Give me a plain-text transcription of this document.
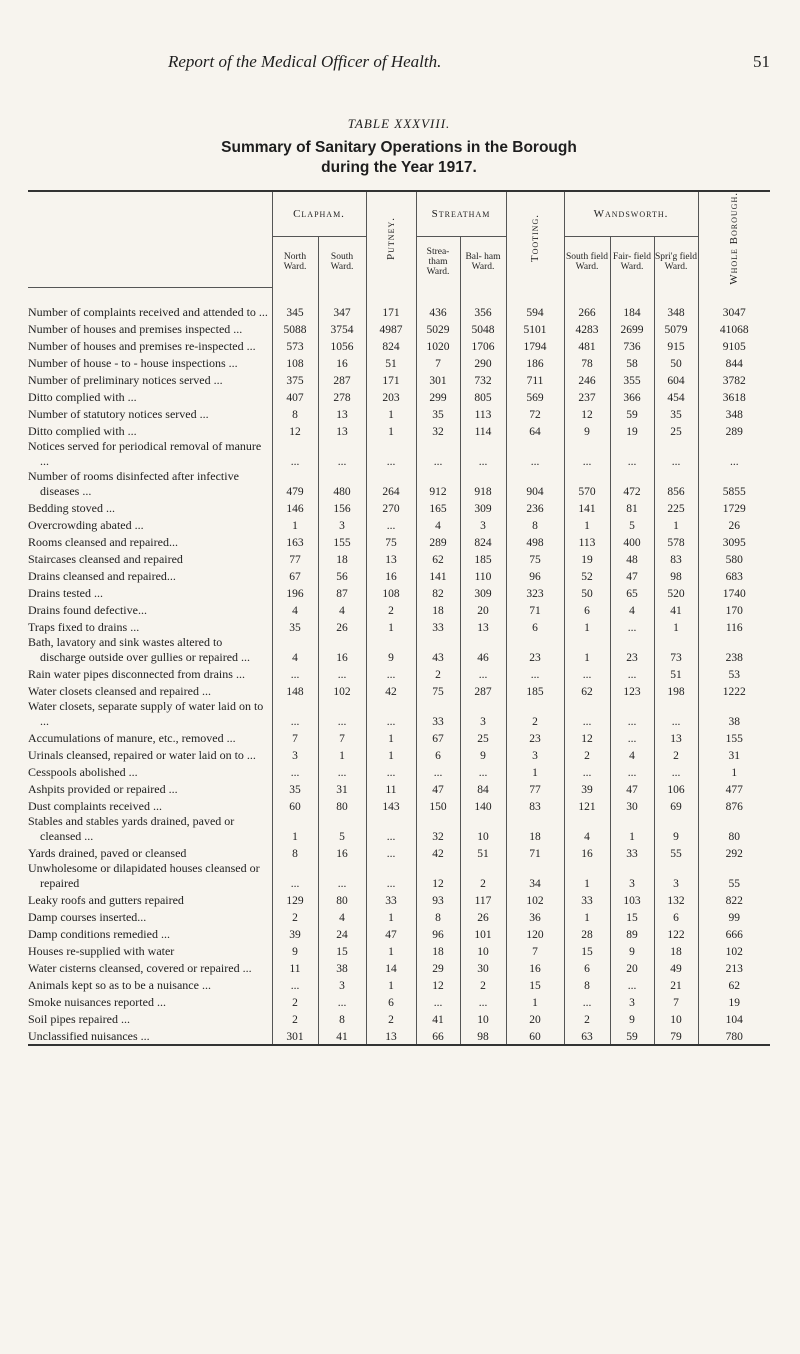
Report of the Medical Officer of Health.	51
TABLE XXXVIII.
Summary of Sanitary Operations in the Borough
during the Year 1917.
	Clapham.		Putney.	Streatham		Tooting.	Wandsworth.			Whole Borough.
	North Ward.	South Ward.		Strea- tham Ward.	Bal- ham Ward.		South field Ward.	Fair- field Ward.	Spri'g field Ward.	

Number of complaints received and attended to ...	345	347	171	436	356	594	266	184	348	3047

Number of houses and premises inspected ...	5088	3754	4987	5029	5048	5101	4283	2699	5079	41068

Number of houses and premises re-inspected ...	573	1056	824	1020	1706	1794	481	736	915	9105

Number of house - to - house inspections ...	108	16	51	7	290	186	78	58	50	844

Number of preliminary notices served ...	375	287	171	301	732	711	246	355	604	3782

Ditto complied with ...	407	278	203	299	805	569	237	366	454	3618

Number of statutory notices served ...	8	13	1	35	113	72	12	59	35	348

Ditto complied with ...	12	13	1	32	114	64	9	19	25	289

Notices served for periodical removal of manure ...	...	...	...	...	...	...	...	...	...	...

Number of rooms disinfected after infective diseases ...	479	480	264	912	918	904	570	472	856	5855

Bedding stoved ...	146	156	270	165	309	236	141	81	225	1729

Overcrowding abated ...	1	3	...	4	3	8	1	5	1	26

Rooms cleansed and repaired...	163	155	75	289	824	498	113	400	578	3095

Staircases cleansed and repaired	77	18	13	62	185	75	19	48	83	580

Drains cleansed and repaired...	67	56	16	141	110	96	52	47	98	683

Drains tested ...	196	87	108	82	309	323	50	65	520	1740

Drains found defective...	4	4	2	18	20	71	6	4	41	170

Traps fixed to drains ...	35	26	1	33	13	6	1	...	1	116

Bath, lavatory and sink wastes altered to discharge outside over gullies or repaired ...	4	16	9	43	46	23	1	23	73	238

Rain water pipes disconnected from drains ...	...	...	...	2	...	...	...	...	51	53

Water closets cleansed and repaired ...	148	102	42	75	287	185	62	123	198	1222

Water closets, separate supply of water laid on to ...	...	...	...	33	3	2	...	...	...	38

Accumulations of manure, etc., removed ...	7	7	1	67	25	23	12	...	13	155

Urinals cleansed, repaired or water laid on to ...	3	1	1	6	9	3	2	4	2	31

Cesspools abolished ...	...	...	...	...	...	1	...	...	...	1

Ashpits provided or repaired ...	35	31	11	47	84	77	39	47	106	477

Dust complaints received ...	60	80	143	150	140	83	121	30	69	876

Stables and stables yards drained, paved or cleansed ...	1	5	...	32	10	18	4	1	9	80

Yards drained, paved or cleansed	8	16	...	42	51	71	16	33	55	292

Unwholesome or dilapidated houses cleansed or repaired	...	...	...	12	2	34	1	3	3	55

Leaky roofs and gutters repaired	129	80	33	93	117	102	33	103	132	822

Damp courses inserted...	2	4	1	8	26	36	1	15	6	99

Damp conditions remedied ...	39	24	47	96	101	120	28	89	122	666

Houses re-supplied with water	9	15	1	18	10	7	15	9	18	102

Water cisterns cleansed, covered or repaired ...	11	38	14	29	30	16	6	20	49	213

Animals kept so as to be a nuisance ...	...	3	1	12	2	15	8	...	21	62

Smoke nuisances reported ...	2	...	6	...	...	1	...	3	7	19

Soil pipes repaired ...	2	8	2	41	10	20	2	9	10	104

Unclassified nuisances ...	301	41	13	66	98	60	63	59	79	780
